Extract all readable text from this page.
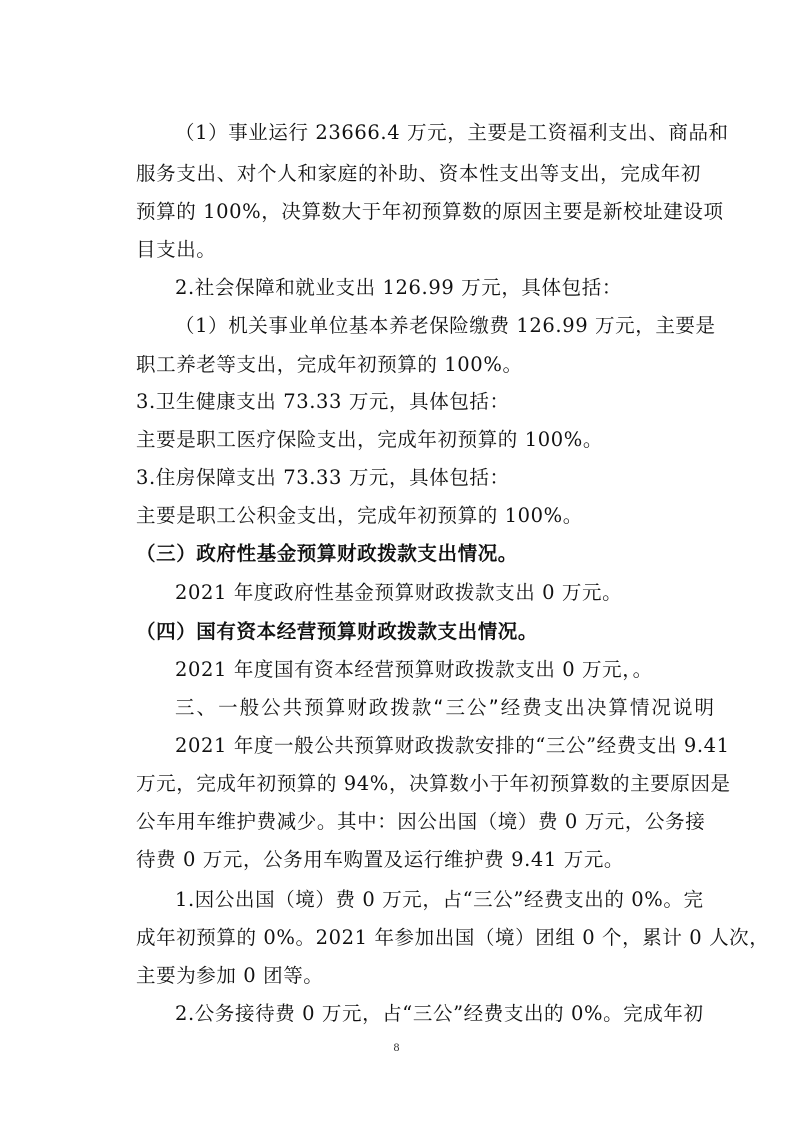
（1）事业运行 23666.4 万元，主要是工资福利支出、商品和
服务支出、对个人和家庭的补助、资本性支出等支出，完成年初
预算的 100%，决算数大于年初预算数的原因主要是新校址建设项
目支出。
2.社会保障和就业支出 126.99 万元，具体包括：
（1）机关事业单位基本养老保险缴费 126.99 万元，主要是
职工养老等支出，完成年初预算的 100%。
3.卫生健康支出 73.33 万元，具体包括：
主要是职工医疗保险支出，完成年初预算的 100%。
3.住房保障支出 73.33 万元，具体包括：
主要是职工公积金支出，完成年初预算的 100%。
（三）政府性基金预算财政拨款支出情况。
2021 年度政府性基金预算财政拨款支出 0 万元。
（四）国有资本经营预算财政拨款支出情况。
2021 年度国有资本经营预算财政拨款支出 0 万元，。
三、一般公共预算财政拨款“三公”经费支出决算情况说明
2021 年度一般公共预算财政拨款安排的“三公”经费支出 9.41
万元，完成年初预算的 94%，决算数小于年初预算数的主要原因是
公车用车维护费减少。其中：因公出国（境）费 0 万元，公务接
待费 0 万元，公务用车购置及运行维护费 9.41 万元。
1.因公出国（境）费 0 万元，占“三公”经费支出的 0%。完
成年初预算的 0%。2021 年参加出国（境）团组 0 个，累计 0 人次，
主要为参加 0 团等。
2.公务接待费 0 万元，占“三公”经费支出的 0%。完成年初
8
